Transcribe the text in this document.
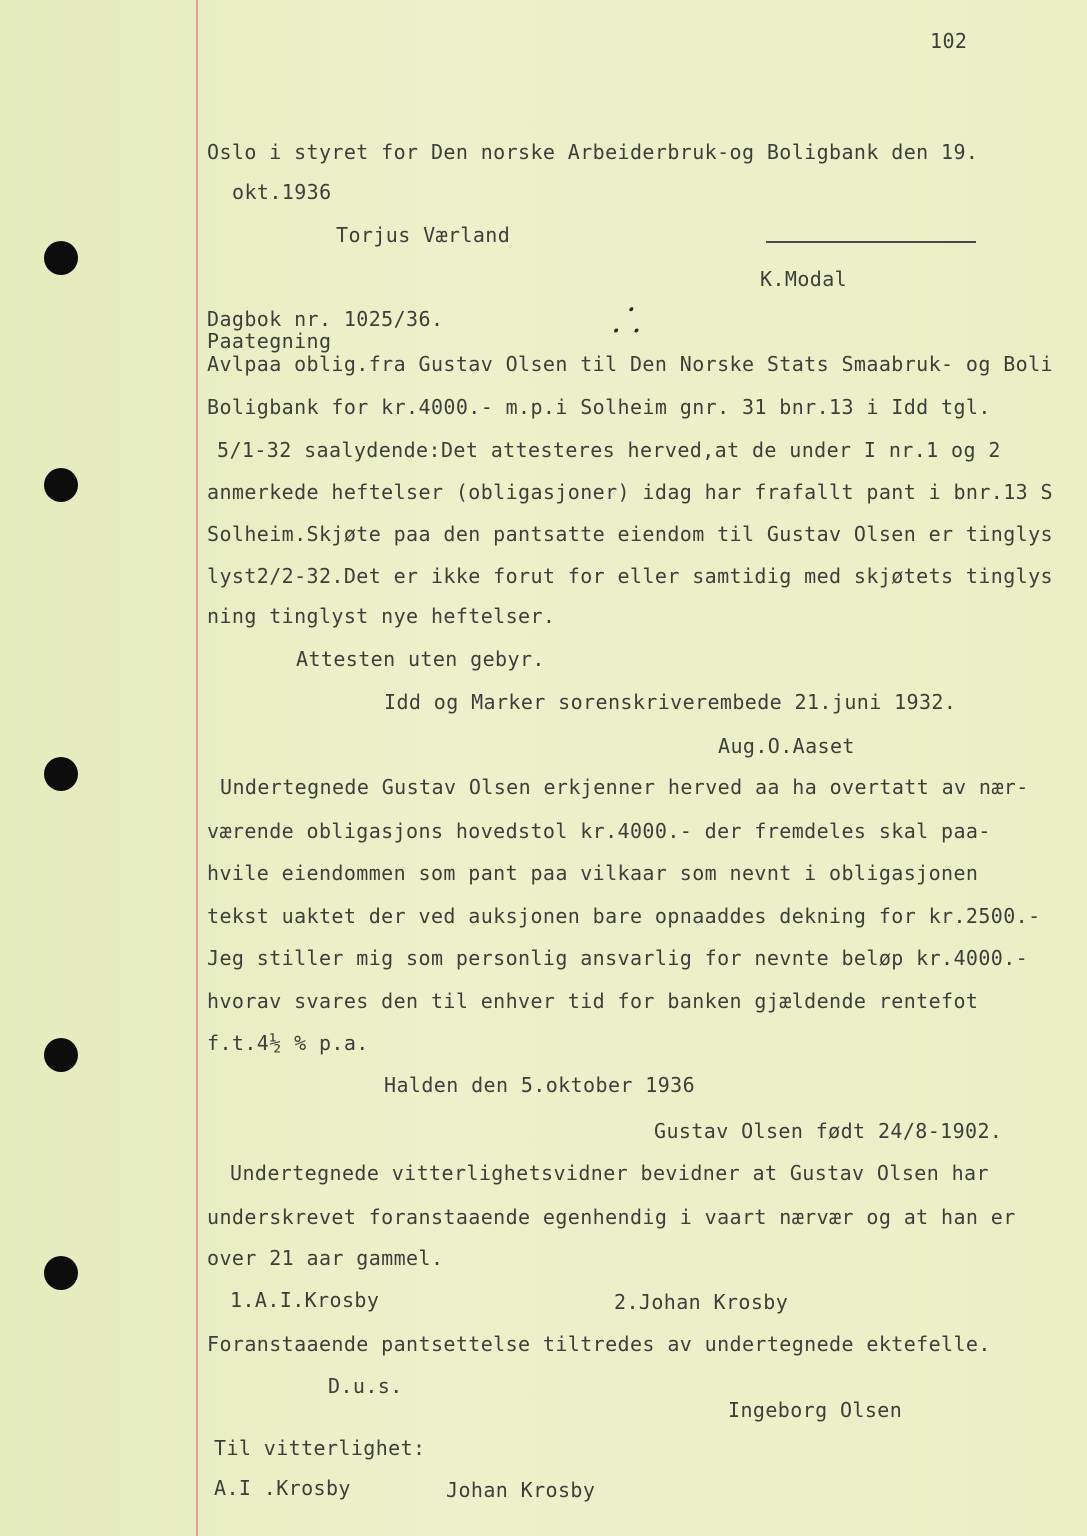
102
Oslo i styret for Den norske Arbeiderbruk-og Boligbank den 19.
okt.1936
Torjus Værland
K.Modal
⸫
Dagbok nr. 1025/36.
Paategning
Avlpaa oblig.fra Gustav Olsen til Den Norske Stats Smaabruk- og Boli
Boligbank for kr.4000.- m.p.i Solheim gnr. 31 bnr.13 i Idd tgl.
5/1-32 saalydende:Det attesteres herved,at de under I nr.1 og 2
anmerkede heftelser (obligasjoner) idag har frafallt pant i bnr.13 S
Solheim.Skjøte paa den pantsatte eiendom til Gustav Olsen er tinglys
lyst2/2-32.Det er ikke forut for eller samtidig med skjøtets tinglys
ning tinglyst nye heftelser.
Attesten uten gebyr.
Idd og Marker sorenskriverembede 21.juni 1932.
Aug.O.Aaset
Undertegnede Gustav Olsen erkjenner herved aa ha overtatt av nær-
værende obligasjons hovedstol kr.4000.- der fremdeles skal paa-
hvile eiendommen som pant paa vilkaar som nevnt i obligasjonen
tekst uaktet der ved auksjonen bare opnaaddes dekning for kr.2500.-
Jeg stiller mig som personlig ansvarlig for nevnte beløp kr.4000.-
hvorav svares den til enhver tid for banken gjældende rentefot
f.t.4½ % p.a.
Halden den 5.oktober 1936
Gustav Olsen født 24/8-1902.
Undertegnede vitterlighetsvidner bevidner at Gustav Olsen har
underskrevet foranstaaende egenhendig i vaart nærvær og at han er
over 21 aar gammel.
1.A.I.Krosby	2.Johan Krosby
Foranstaaende pantsettelse tiltredes av undertegnede ektefelle.
D.u.s.
Ingeborg Olsen
Til vitterlighet:
A.I .Krosby	Johan Krosby
